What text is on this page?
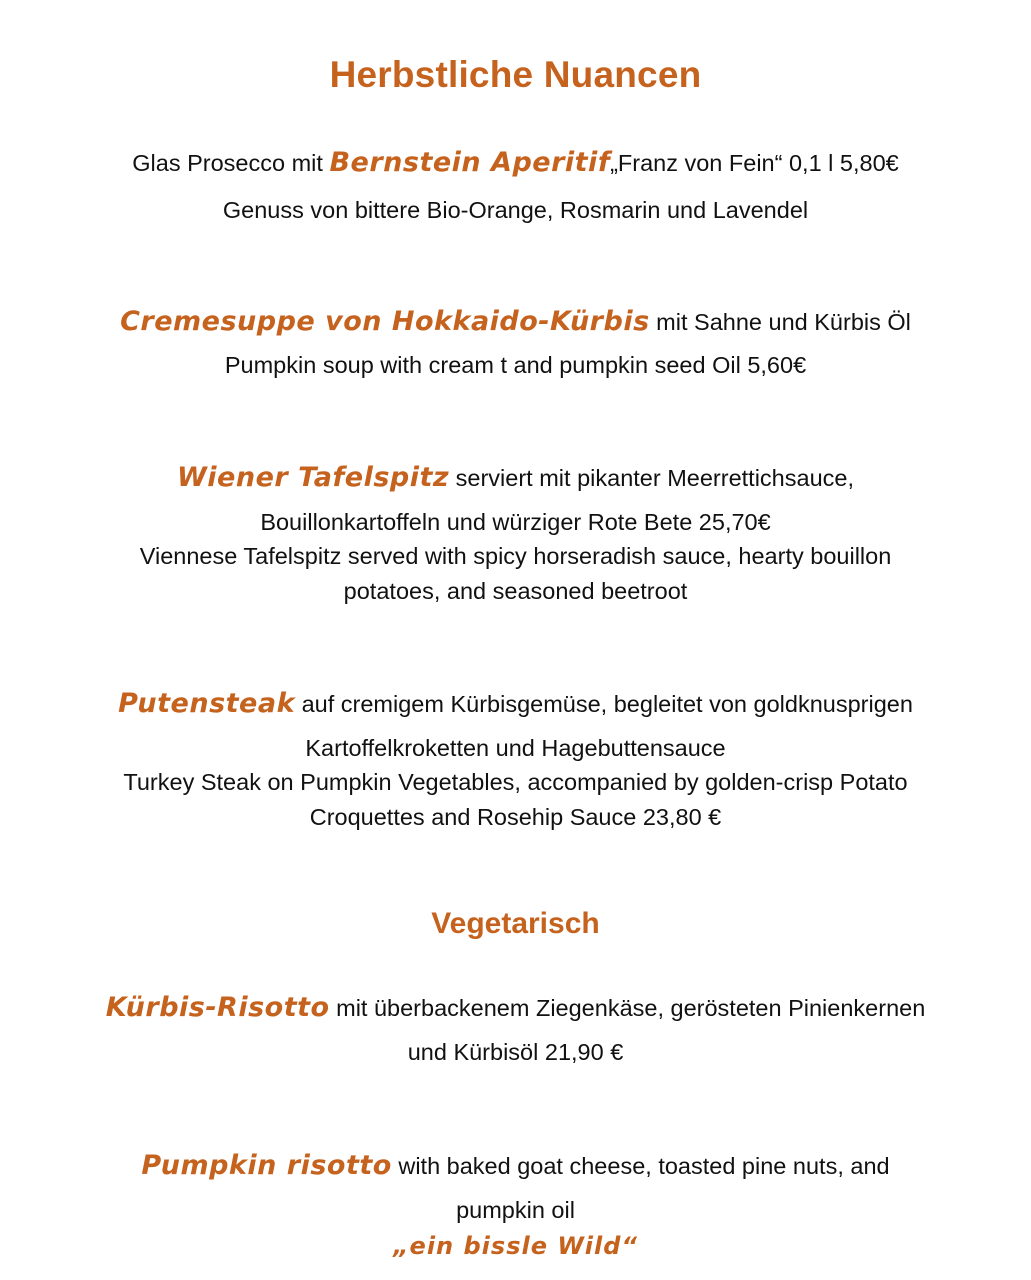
Herbstliche Nuancen
Glas Prosecco mit Bernstein Aperitif„Franz von Fein“ 0,1 l 5,80€
Genuss von bittere Bio-Orange, Rosmarin und Lavendel
Cremesuppe von Hokkaido-Kürbis mit Sahne und Kürbis Öl
Pumpkin soup with cream t and pumpkin seed Oil 5,60€
Wiener Tafelspitz serviert mit pikanter Meerrettichsauce,
Bouillonkartoffeln und würziger Rote Bete 25,70€
Viennese Tafelspitz served with spicy horseradish sauce, hearty bouillon
potatoes, and seasoned beetroot
Putensteak auf cremigem Kürbisgemüse, begleitet von goldknusprigen
Kartoffelkroketten und Hagebuttensauce
Turkey Steak on Pumpkin Vegetables, accompanied by golden-crisp Potato
Croquettes and Rosehip Sauce 23,80 €
Vegetarisch
Kürbis-Risotto mit überbackenem Ziegenkäse, gerösteten Pinienkernen
und Kürbisöl 21,90 €
Pumpkin risotto with baked goat cheese, toasted pine nuts, and
pumpkin oil
„ein bissle Wild“
